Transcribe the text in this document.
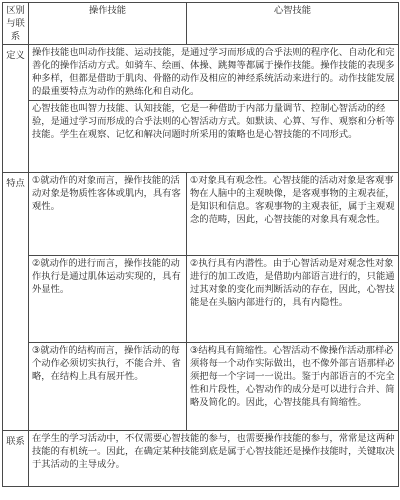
区别与联系	操作技能	心智技能
定义	操作技能也叫动作技能、运动技能，是通过学习而形成的合乎法则的程序化、自动化和完善化的操作活动方式。如骑车、绘画、体操、跳舞等都属于操作技能。操作技能的表现多种多样，但都是借助于肌肉、骨骼的动作及相应的神经系统活动来进行的。动作技能发展的最重要特点为动作的熟练化和自动化。	
	心智技能也叫智力技能、认知技能，它是一种借助于内部力量调节、控制心智活动的经验，是通过学习而形成的合乎法则的心智活动方式。如默读、心算、写作、观察和分析等技能。学生在观察、记忆和解决问题时所采用的策略也是心智技能的不同形式。	
特点	①就动作的对象而言，操作技能的活动对象是物质性客体或肌内，具有客观性。	①对象具有观念性。心智技能的活动对象是客观事物在人脑中的主观映像，是客观事物的主观表征，是知识和信息。客观事物的主观表征，属于主观观念的范畴，因此，心智技能的对象具有观念性。
	②就动作的进行而言，操作技能的动作执行是通过肌体运动实现的，具有外显性。	②执行具有内潜性。由于心智活动是对观念性对象进行的加工改造，是借助内部语言进行的，只能通过其对象的变化而判断活动的存在，因此，心智技能是在头脑内部进行的，具有内隐性。
	③就动作的结构而言，操作活动的每个动作必须切实执行，不能合并、省略，在结构上具有展开性。	③结构具有简缩性。心智活动不像操作活动那样必须将每一个动作实际做出，也不像外部言语那样必须把每一个字词一一说出。鉴于内部语言的不完全性和片段性，心智动作的成分是可以进行合并、简略及简化的。因此，心智技能具有简缩性。
联系	在学生的学习活动中，不仅需要心智技能的参与，也需要操作技能的参与，常常是这两种技能的有机统一。因此，在确定某种技能到底是属于心智技能还是操作技能时，关键取决于其活动的主导成分。	
